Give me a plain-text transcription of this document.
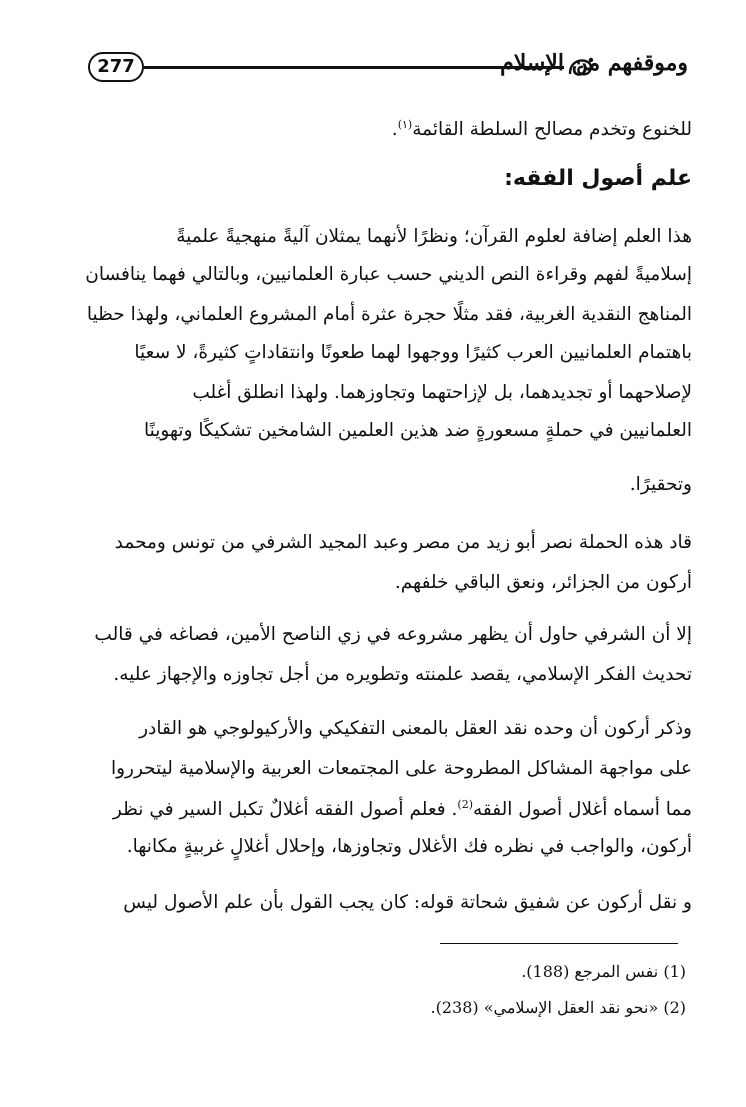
277	وموقفهم من الإسلام
للخنوع وتخدم مصالح السلطة القائمة$^{(١)}$.
هذا العلم إضافة لعلوم القرآن؛ ونظرًا لأنهما يمثلان آليةً منهجيةً علميةً
إسلاميةً لفهم وقراءة النص الديني حسب عبارة العلمانيين، وبالتالي فهما ينافسان
المناهج النقدية الغربية، فقد مثلًا حجرة عثرة أمام المشروع العلماني، ولهذا حظيا
باهتمام العلمانيين العرب كثيرًا ووجهوا لهما طعونًا وانتقاداتٍ كثيرةً، لا سعيًا
لإصلاحهما أو تجديدهما، بل لإزاحتهما وتجاوزهما. ولهذا انطلق أغلب
العلمانيين في حملةٍ مسعورةٍ ضد هذين العلمين الشامخين تشكيكًا وتهوينًا
وتحقيرًا.
قاد هذه الحملة نصر أبو زيد من مصر وعبد المجيد الشرفي من تونس ومحمد
أركون من الجزائر، ونعق الباقي خلفهم.
إلا أن الشرفي حاول أن يظهر مشروعه في زي الناصح الأمين، فصاغه في قالب
تحديث الفكر الإسلامي، يقصد علمنته وتطويره من أجل تجاوزه والإجهاز عليه.
وذكر أركون أن وحده نقد العقل بالمعنى التفكيكي والأركيولوجي هو القادر
على مواجهة المشاكل المطروحة على المجتمعات العربية والإسلامية ليتحرروا
مما أسماه أغلال أصول الفقه$^{(2)}$. فعلم أصول الفقه أغلالٌ تكبل السير في نظر
أركون، والواجب في نظره فك الأغلال وتجاوزها، وإحلال أغلالٍ غربيةٍ مكانها.
و نقل أركون عن شفيق شحاتة قوله: كان يجب القول بأن علم الأصول ليس
علم أصول الفقه:
(1) نفس المرجع (188).
(2) «نحو نقد العقل الإسلامي» (238).
